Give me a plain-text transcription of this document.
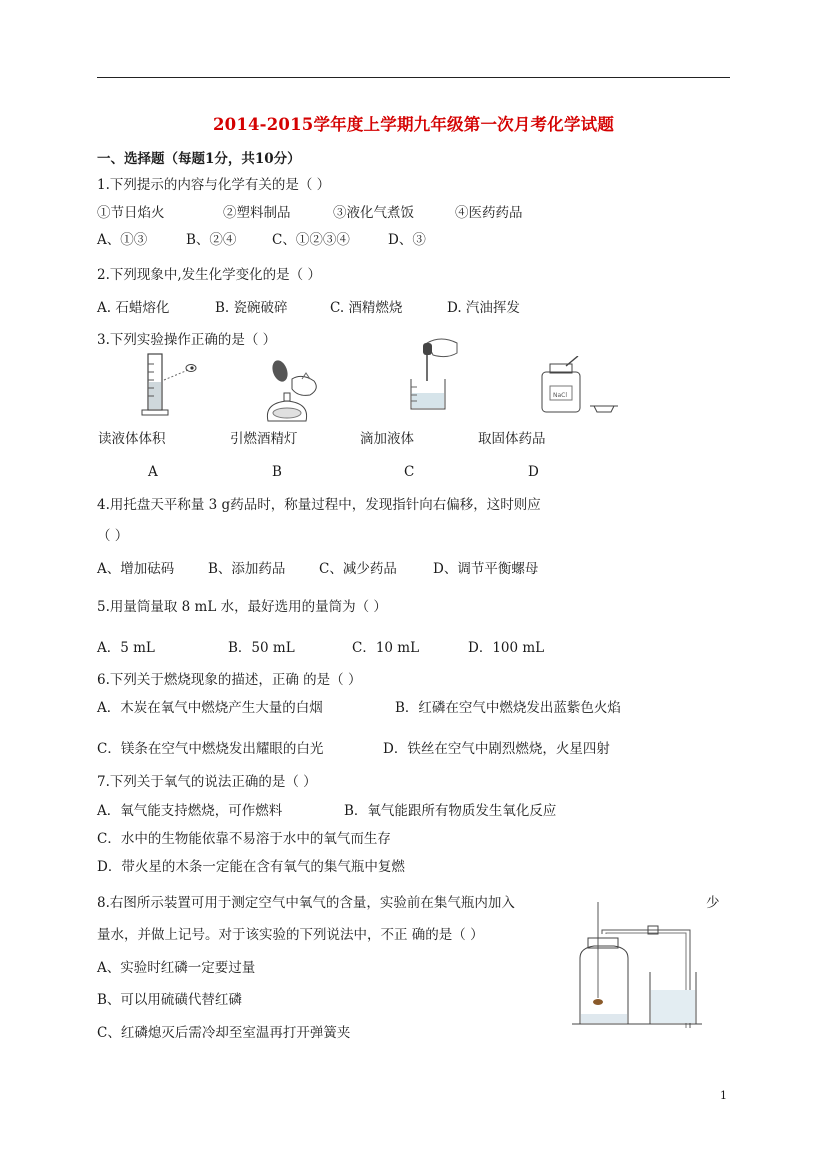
2014-2015学年度上学期九年级第一次月考化学试题
一、选择题（每题1分，共10分）
1.下列提示的内容与化学有关的是（ ）
①节日焰火	②塑料制品	③液化气煮饭	④医药药品
A、①③	B、②④	C、①②③④	D、③
2.下列现象中,发生化学变化的是（ ）
A. 石蜡熔化	B. 瓷碗破碎	C. 酒精燃烧	D. 汽油挥发
3.下列实验操作正确的是（ ）
NaCl
读液体体积	引燃酒精灯	滴加液体	取固体药品
A	B	C	D
4.用托盘天平称量 3 g药品时，称量过程中，发现指针向右偏移，这时则应
（ ）
A、增加砝码	B、添加药品 C、减少药品	D、调节平衡螺母
5.用量筒量取 8 mL 水，最好选用的量筒为（ ）
A．5 mL	B．50 mL	C．10 mL	D．100 mL
6.下列关于燃烧现象的描述，正确 的是（ ）
A．木炭在氧气中燃烧产生大量的白烟	B．红磷在空气中燃烧发出蓝紫色火焰
C．镁条在空气中燃烧发出耀眼的白光	D．铁丝在空气中剧烈燃烧，火星四射
7.下列关于氧气的说法正确的是（ ）
A．氧气能支持燃烧，可作燃料	B．氧气能跟所有物质发生氧化反应
C．水中的生物能依靠不易溶于水中的氧气而生存
D．带火星的木条一定能在含有氧气的集气瓶中复燃
8.右图所示装置可用于测定空气中氧气的含量，实验前在集气瓶内加入	少
量水，并做上记号。对于该实验的下列说法中，不正 确的是（ ）
A、实验时红磷一定要过量
B、可以用硫磺代替红磷
C、红磷熄灭后需冷却至室温再打开弹簧夹
1
